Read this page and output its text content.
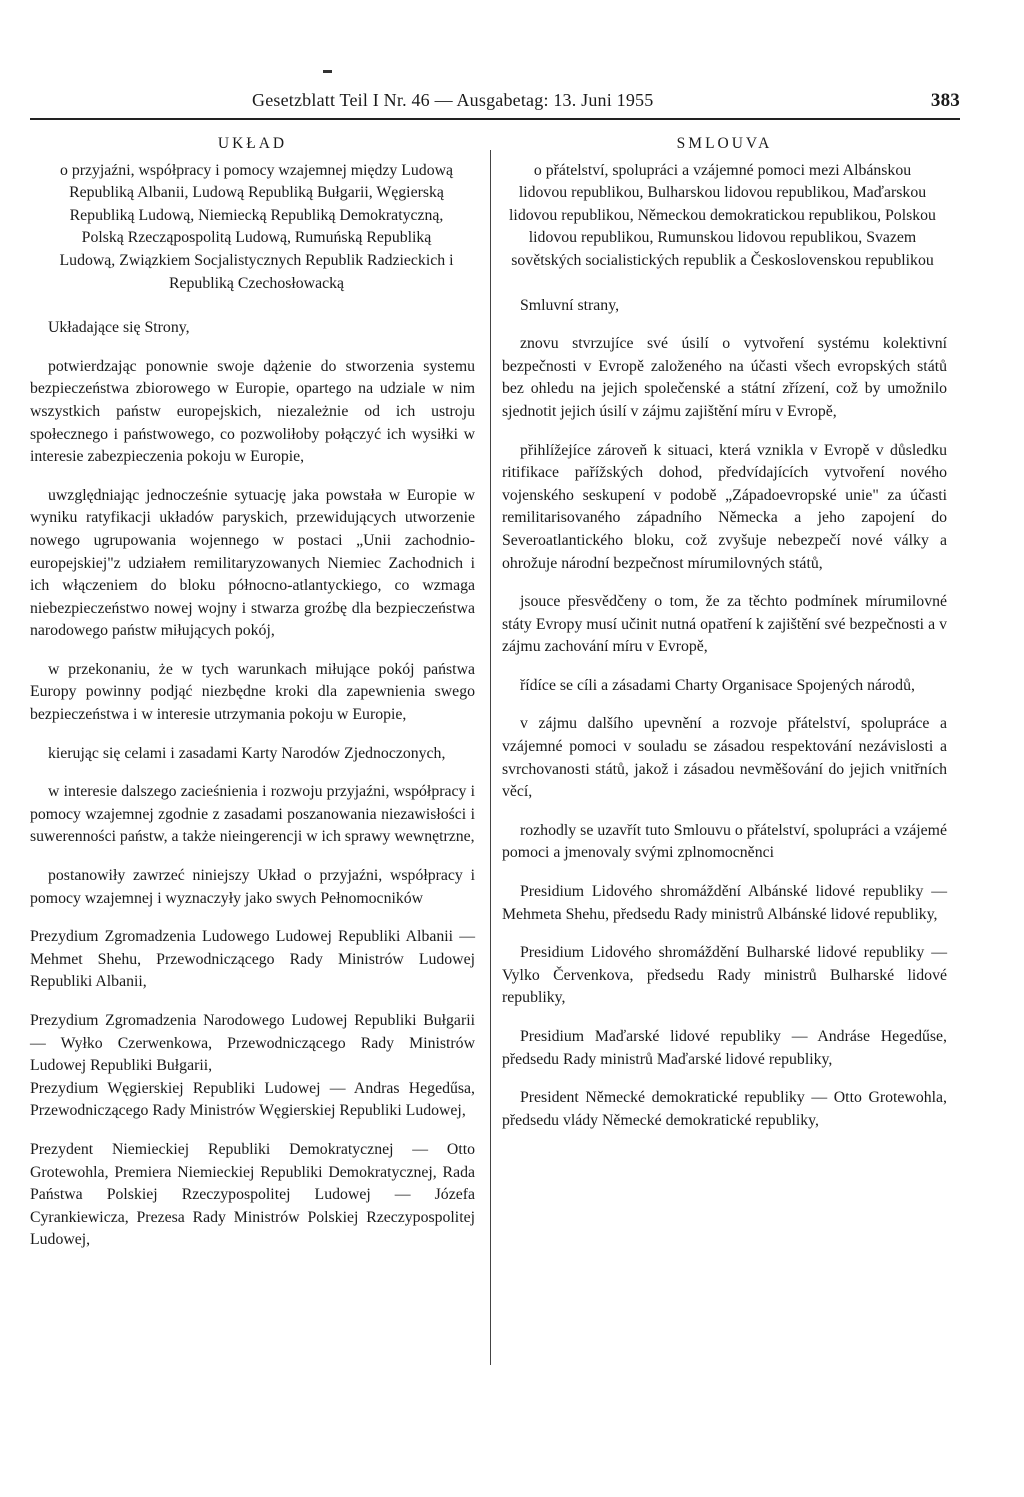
Gesetzblatt Teil I Nr. 46 — Ausgabetag: 13. Juni 1955	383
UKŁAD

o przyjaźni, współpracy i pomocy wzajemnej między Ludową Republiką Albanii, Ludową Republiką Bułgarii, Węgierską Republiką Ludową, Niemiecką Republiką Demokratyczną, Polską Rzecząpospolitą Ludową, Rumuńską Republiką Ludową, Związkiem Socjalistycznych Republik Radzieckich i Republiką Czechosłowacką

Układające się Strony,

potwierdzając ponownie swoje dążenie do stworzenia systemu bezpieczeństwa zbiorowego w Europie, opartego na udziale w nim wszystkich państw europejskich, niezależnie od ich ustroju społecznego i państwowego, co pozwoliłoby połączyć ich wysiłki w interesie zabezpieczenia pokoju w Europie,

uwzględniając jednocześnie sytuację jaka powstała w Europie w wyniku ratyfikacji układów paryskich, przewidujących utworzenie nowego ugrupowania wojennego w postaci „Unii zachodnio-europejskiej"z udziałem remilitaryzowanych Niemiec Zachodnich i ich włączeniem do bloku północno-atlantyckiego, co wzmaga niebezpieczeństwo nowej wojny i stwarza groźbę dla bezpieczeństwa narodowego państw miłujących pokój,

w przekonaniu, że w tych warunkach miłujące pokój państwa Europy powinny podjąć niezbędne kroki dla zapewnienia swego bezpieczeństwa i w interesie utrzymania pokoju w Europie,

kierując się celami i zasadami Karty Narodów Zjednoczonych,

w interesie dalszego zacieśnienia i rozwoju przyjaźni, współpracy i pomocy wzajemnej zgodnie z zasadami poszanowania niezawisłości i suwerenności państw, a także nieingerencji w ich sprawy wewnętrzne,

postanowiły zawrzeć niniejszy Układ o przyjaźni, współpracy i pomocy wzajemnej i wyznaczyły jako swych Pełnomocników

Prezydium Zgromadzenia Ludowego Ludowej Republiki Albanii — Mehmet Shehu, Przewodniczącego Rady Ministrów Ludowej Republiki Albanii,

Prezydium Zgromadzenia Narodowego Ludowej Republiki Bułgarii — Wyłko Czerwenkowa, Przewodniczącego Rady Ministrów Ludowej Republiki Bułgarii,

Prezydium Węgierskiej Republiki Ludowej — Andras Hegedűsa, Przewodniczącego Rady Ministrów Węgierskiej Republiki Ludowej,

Prezydent Niemieckiej Republiki Demokratycznej — Otto Grotewohla, Premiera Niemieckiej Republiki Demokratycznej, Rada Państwa Polskiej Rzeczypospolitej Ludowej — Józefa Cyrankiewicza, Prezesa Rady Ministrów Polskiej Rzeczypospolitej Ludowej,

SMLOUVA

o přátelství, spolupráci a vzájemné pomoci mezi Albánskou lidovou republikou, Bulharskou lidovou republikou, Maďarskou lidovou republikou, Německou demokratickou republikou, Polskou lidovou republikou, Rumunskou lidovou republikou, Svazem sovětských socialistických republik a Československou republikou

Smluvní strany,

znovu stvrzujíce své úsilí o vytvoření systému kolektivní bezpečnosti v Evropě založeného na účasti všech evropských států bez ohledu na jejich společenské a státní zřízení, což by umožnilo sjednotit jejich úsilí v zájmu zajištění míru v Evropě,

přihlížejíce zároveň k situaci, která vznikla v Evropě v důsledku ritifikace pařížských dohod, předvídajících vytvoření nového vojenského seskupení v podobě „Západoevropské unie" za účasti remilitarisovaného západního Německa a jeho zapojení do Severoatlantického bloku, což zvyšuje nebezpečí nové války a ohrožuje národní bezpečnost mírumilovných států,

jsouce přesvědčeny o tom, že za těchto podmínek mírumilovné státy Evropy musí učinit nutná opatření k zajištění své bezpečnosti a v zájmu zachování míru v Evropě,

řídíce se cíli a zásadami Charty Organisace Spojených národů,

v zájmu dalšího upevnění a rozvoje přátelství, spolupráce a vzájemné pomoci v souladu se zásadou respektování nezávislosti a svrchovanosti států, jakož i zásadou nevměšování do jejich vnitřních věcí,

rozhodly se uzavřít tuto Smlouvu o přátelství, spolupráci a vzájemé pomoci a jmenovaly svými zplnomocněnci

Presidium Lidového shromáždění Albánské lidové republiky — Mehmeta Shehu, předsedu Rady ministrů Albánské lidové republiky,

Presidium Lidového shromáždění Bulharské lidové republiky — Vylko Červenkova, předsedu Rady ministrů Bulharské lidové republiky,

Presidium Maďarské lidové republiky — Andráse Hegedűse, předsedu Rady ministrů Maďarské lidové republiky,

President Německé demokratické republiky — Otto Grotewohla, předsedu vlády Německé demokratické republiky,
